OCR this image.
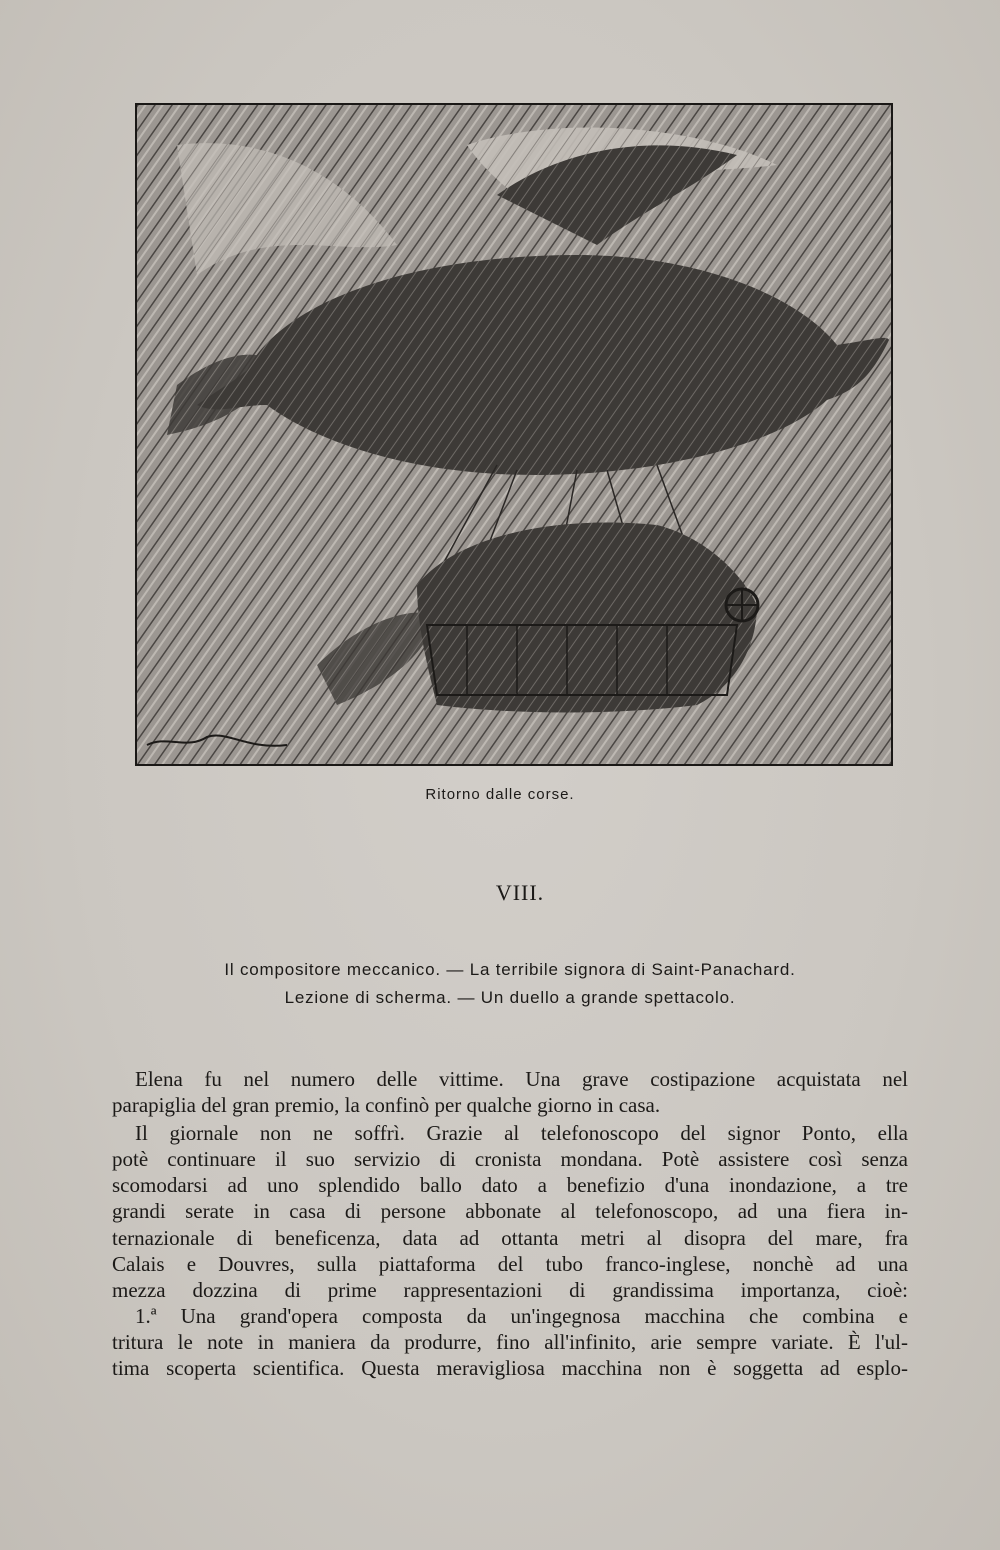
Ritorno dalle corse.
VIII.
Il compositore meccanico. — La terribile signora di Saint-Panachard.
Lezione di scherma. — Un duello a grande spettacolo.
Elena fu nel numero delle vittime. Una grave costipazione acquistata nel
parapiglia del gran premio, la confinò per qualche giorno in casa.
Il giornale non ne soffrì. Grazie al telefonoscopo del signor Ponto, ella
potè continuare il suo servizio di cronista mondana. Potè assistere così senza
scomodarsi ad uno splendido ballo dato a benefizio d'una inondazione, a tre
grandi serate in casa di persone abbonate al telefonoscopo, ad una fiera in-
ternazionale di beneficenza, data ad ottanta metri al disopra del mare, fra
Calais e Douvres, sulla piattaforma del tubo franco-inglese, nonchè ad una
mezza dozzina di prime rappresentazioni di grandissima importanza, cioè:
1.ª Una grand'opera composta da un'ingegnosa macchina che combina e
tritura le note in maniera da produrre, fino all'infinito, arie sempre variate. È l'ul-
tima scoperta scientifica. Questa meravigliosa macchina non è soggetta ad esplo-
